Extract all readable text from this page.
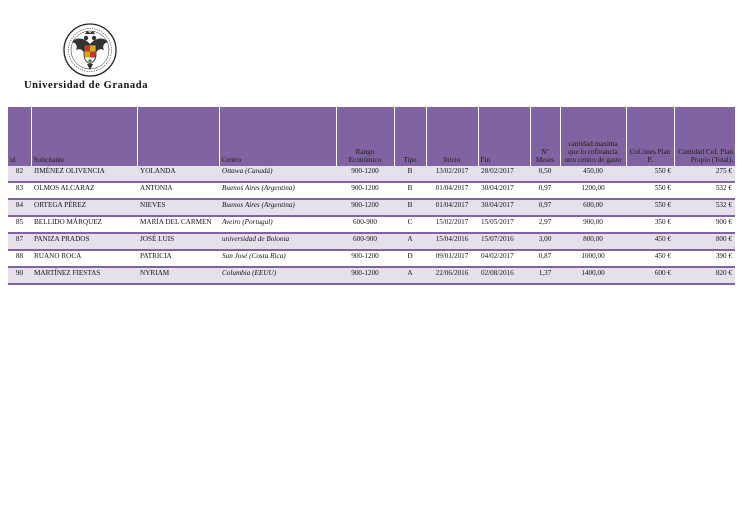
Universidad de Granada
id	Solicitante		Centro	Rango Económico	Tipo	Inicio	Fin	Nº Meses	cantidad maxima que lo cofinancia otro centro de gasto	Cof./mes Plan P.	Cantidad Cof. Plan Propio (Total).
82	JIMÉNEZ OLIVENCIA	YOLANDA	Ottawa (Canadá)	900-1200	B	13/02/2017	28/02/2017	0,50	450,00	550 €	275 €
83	OLMOS ALCARAZ	ANTONIA	Buenos Aires (Argentina)	900-1200	B	01/04/2017	30/04/2017	0,97	1200,00	550 €	532 €
84	ORTEGA PÉREZ	NIEVES	Buenos Aires (Argentina)	900-1200	B	01/04/2017	30/04/2017	0,97	600,00	550 €	532 €
85	BELLIDO MÁRQUEZ	MARÍA DEL CARMEN	Aveiro (Portugal)	600-900	C	15/02/2017	15/05/2017	2,97	900,00	350 €	900 €
87	PANIZA PRADOS	JOSÉ LUIS	universidad de Bolonia	600-900	A	15/04/2016	15/07/2016	3,00	800,00	450 €	800 €
88	RUANO ROCA	PATRICIA	San José (Costa Rica)	900-1200	D	09/01/2017	04/02/2017	0,87	1000,00	450 €	390 €
90	MARTÍNEZ FIESTAS	NYRIAM	Columbia (EEUU)	900-1200	A	22/06/2016	02/08/2016	1,37	1400,00	600 €	820 €
